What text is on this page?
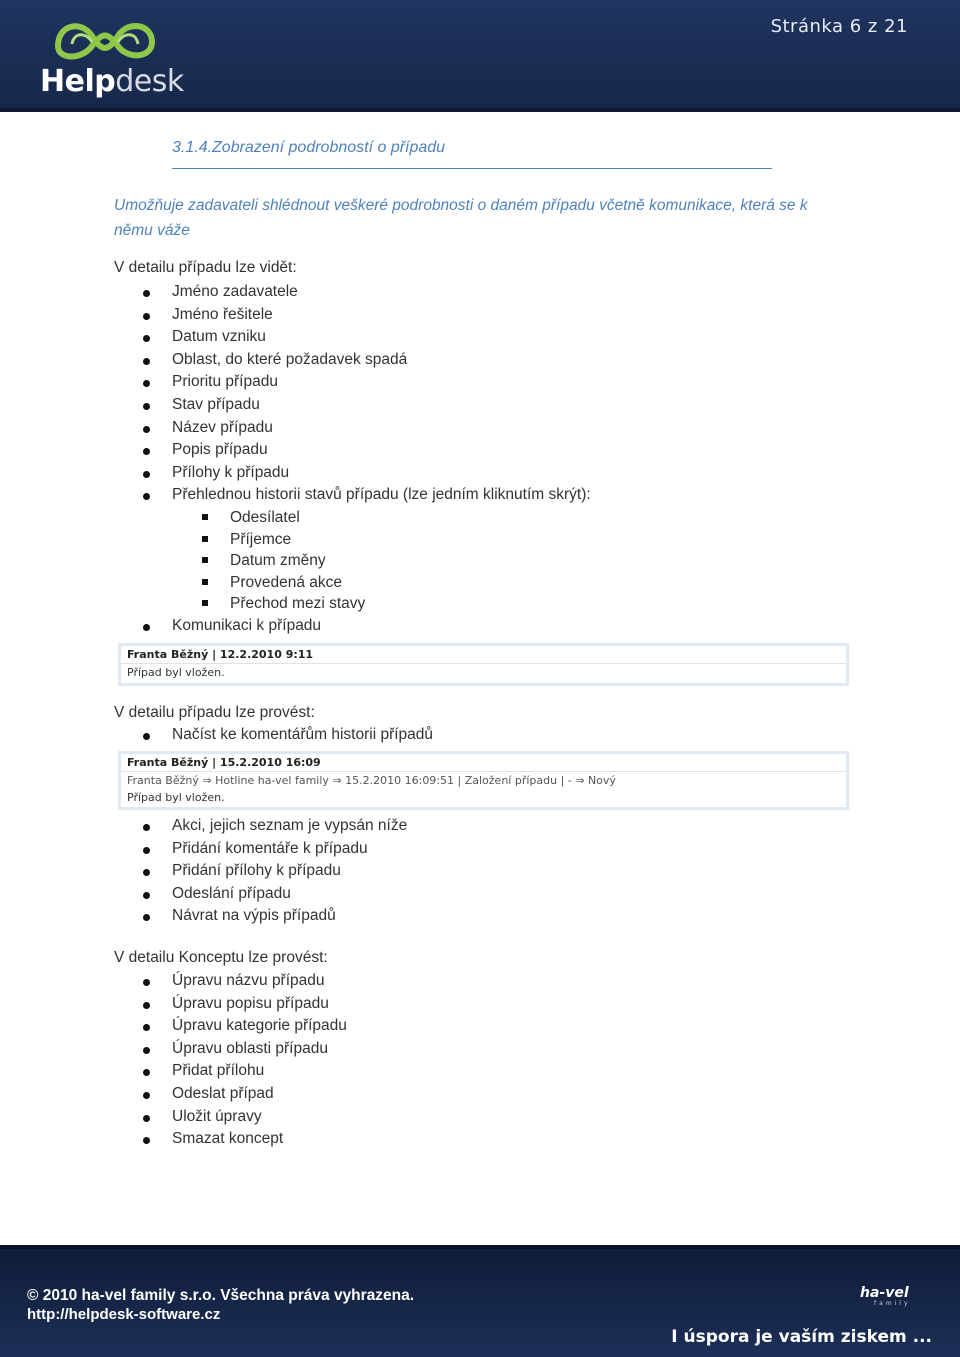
Helpdesk
Stránka 6 z 21
3.1.4.Zobrazení podrobností o případu
Umožňuje zadavateli shlédnout veškeré podrobnosti o daném případu včetně komunikace, která se k němu váže
V detailu případu lze vidět:
Jméno zadavatele
Jméno řešitele
Datum vzniku
Oblast, do které požadavek spadá
Prioritu případu
Stav případu
Název případu
Popis případu
Přílohy k případu
Přehlednou historii stavů případu (lze jedním kliknutím skrýt):
Odesílatel
Příjemce
Datum změny
Provedená akce
Přechod mezi stavy
Komunikaci k případu
Franta Běžný | 12.2.2010 9:11
Případ byl vložen.
V detailu případu lze provést:
Načíst ke komentářům historii případů
Franta Běžný | 15.2.2010 16:09
Franta Běžný ⇒ Hotline ha-vel family ⇒ 15.2.2010 16:09:51 | Založení případu | - ⇒ Nový
Případ byl vložen.
Akci, jejich seznam je vypsán níže
Přidání komentáře k případu
Přidání přílohy k případu
Odeslání případu
Návrat na výpis případů
V detailu Konceptu lze provést:
Úpravu názvu případu
Úpravu popisu případu
Úpravu kategorie případu
Úpravu oblasti případu
Přidat přílohu
Odeslat případ
Uložit úpravy
Smazat koncept
© 2010 ha-vel family s.r.o. Všechna práva vyhrazena.
http://helpdesk-software.cz
ha-vel
family
I úspora je vaším ziskem ...
